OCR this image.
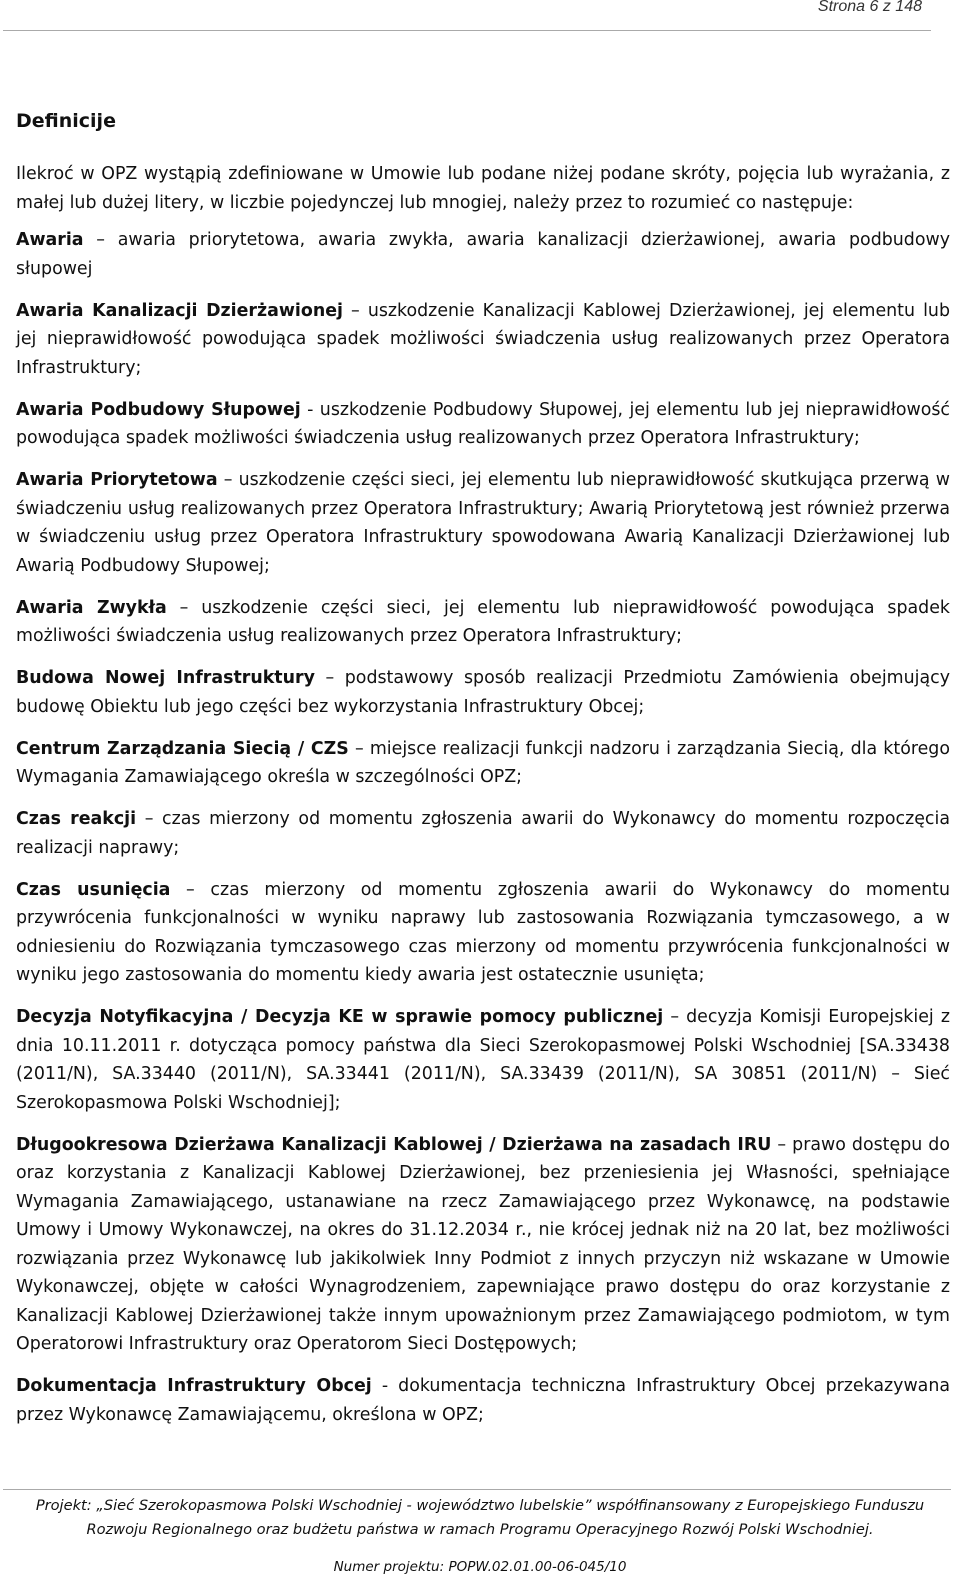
Strona 6 z 148
Definicije

Ilekroć w OPZ wystąpią zdefiniowane w Umowie lub podane niżej podane skróty, pojęcia lub wyrażania, z małej lub dużej litery, w liczbie pojedynczej lub mnogiej, należy przez to rozumieć co następuje:

Awaria – awaria priorytetowa, awaria zwykła, awaria kanalizacji dzierżawionej, awaria podbudowy słupowej

Awaria Kanalizacji Dzierżawionej – uszkodzenie Kanalizacji Kablowej Dzierżawionej, jej elementu lub jej nieprawidłowość powodująca spadek możliwości świadczenia usług realizowanych przez Operatora Infrastruktury;

Awaria Podbudowy Słupowej - uszkodzenie Podbudowy Słupowej, jej elementu lub jej nieprawidłowość powodująca spadek możliwości świadczenia usług realizowanych przez Operatora Infrastruktury;

Awaria Priorytetowa – uszkodzenie części sieci, jej elementu lub nieprawidłowość skutkująca przerwą w świadczeniu usług realizowanych przez Operatora Infrastruktury; Awarią Priorytetową jest również przerwa w świadczeniu usług przez Operatora Infrastruktury spowodowana Awarią Kanalizacji Dzierżawionej lub Awarią Podbudowy Słupowej;

Awaria Zwykła – uszkodzenie części sieci, jej elementu lub nieprawidłowość powodująca spadek możliwości świadczenia usług realizowanych przez Operatora Infrastruktury;

Budowa Nowej Infrastruktury – podstawowy sposób realizacji Przedmiotu Zamówienia obejmujący budowę Obiektu lub jego części bez wykorzystania Infrastruktury Obcej;

Centrum Zarządzania Siecią / CZS – miejsce realizacji funkcji nadzoru i zarządzania Siecią, dla którego Wymagania Zamawiającego określa w szczególności OPZ;

Czas reakcji – czas mierzony od momentu zgłoszenia awarii do Wykonawcy do momentu rozpoczęcia realizacji naprawy;

Czas usunięcia – czas mierzony od momentu zgłoszenia awarii do Wykonawcy do momentu przywrócenia funkcjonalności w wyniku naprawy lub zastosowania Rozwiązania tymczasowego, a w odniesieniu do Rozwiązania tymczasowego czas mierzony od momentu przywrócenia funkcjonalności w wyniku jego zastosowania do momentu kiedy awaria jest ostatecznie usunięta;

Decyzja Notyfikacyjna / Decyzja KE w sprawie pomocy publicznej – decyzja Komisji Europejskiej z dnia 10.11.2011 r. dotycząca pomocy państwa dla Sieci Szerokopasmowej Polski Wschodniej [SA.33438 (2011/N), SA.33440 (2011/N), SA.33441 (2011/N), SA.33439 (2011/N), SA 30851 (2011/N) – Sieć Szerokopasmowa Polski Wschodniej];

Długookresowa Dzierżawa Kanalizacji Kablowej / Dzierżawa na zasadach IRU – prawo dostępu do oraz korzystania z Kanalizacji Kablowej Dzierżawionej, bez przeniesienia jej Własności, spełniające Wymagania Zamawiającego, ustanawiane na rzecz Zamawiającego przez Wykonawcę, na podstawie Umowy i Umowy Wykonawczej, na okres do 31.12.2034 r., nie krócej jednak niż na 20 lat, bez możliwości rozwiązania przez Wykonawcę lub jakikolwiek Inny Podmiot z innych przyczyn niż wskazane w Umowie Wykonawczej, objęte w całości Wynagrodzeniem, zapewniające prawo dostępu do oraz korzystanie z Kanalizacji Kablowej Dzierżawionej także innym upoważnionym przez Zamawiającego podmiotom, w tym Operatorowi Infrastruktury oraz Operatorom Sieci Dostępowych;

Dokumentacja Infrastruktury Obcej - dokumentacja techniczna Infrastruktury Obcej przekazywana przez Wykonawcę Zamawiającemu, określona w OPZ;

Projekt: „Sieć Szerokopasmowa Polski Wschodniej - województwo lubelskie” współfinansowany z Europejskiego Funduszu
Rozwoju Regionalnego oraz budżetu państwa w ramach Programu Operacyjnego Rozwój Polski Wschodniej.
Numer projektu: POPW.02.01.00-06-045/10
